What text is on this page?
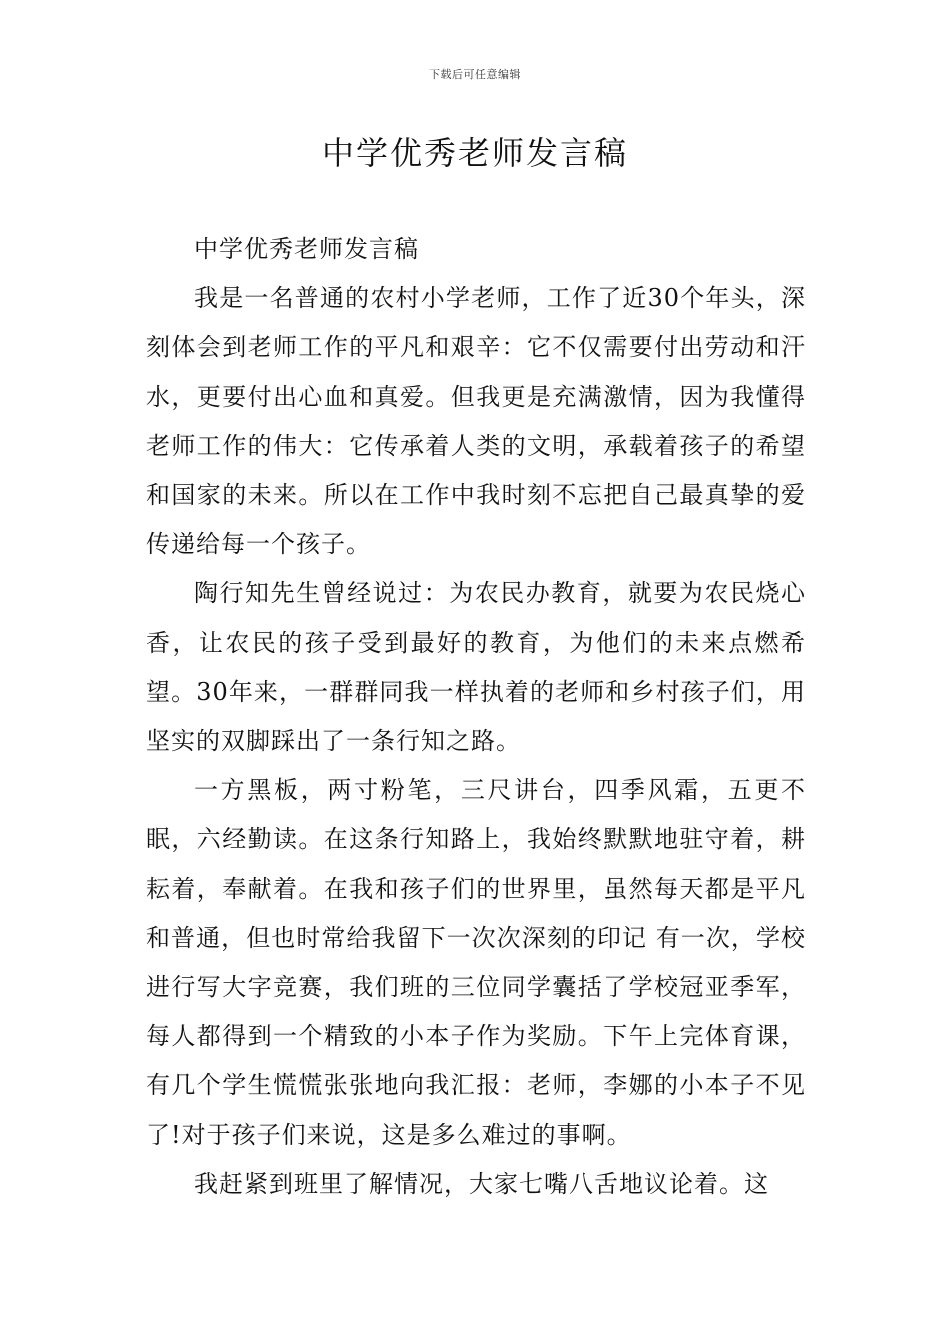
下载后可任意编辑
中学优秀老师发言稿

中学优秀老师发言稿

我是一名普通的农村小学老师，工作了近30个年头，深刻体会到老师工作的平凡和艰辛：它不仅需要付出劳动和汗水，更要付出心血和真爱。但我更是充满激情，因为我懂得老师工作的伟大：它传承着人类的文明，承载着孩子的希望和国家的未来。所以在工作中我时刻不忘把自己最真挚的爱传递给每一个孩子。

陶行知先生曾经说过：为农民办教育，就要为农民烧心香，让农民的孩子受到最好的教育，为他们的未来点燃希望。30年来，一群群同我一样执着的老师和乡村孩子们，用坚实的双脚踩出了一条行知之路。

一方黑板，两寸粉笔，三尺讲台，四季风霜，五更不眠，六经勤读。在这条行知路上，我始终默默地驻守着，耕耘着，奉献着。在我和孩子们的世界里，虽然每天都是平凡和普通，但也时常给我留下一次次深刻的印记 有一次，学校进行写大字竞赛，我们班的三位同学囊括了学校冠亚季军，每人都得到一个精致的小本子作为奖励。下午上完体育课，有几个学生慌慌张张地向我汇报：老师，李娜的小本子不见了!对于孩子们来说，这是多么难过的事啊。

我赶紧到班里了解情况，大家七嘴八舌地议论着。这
